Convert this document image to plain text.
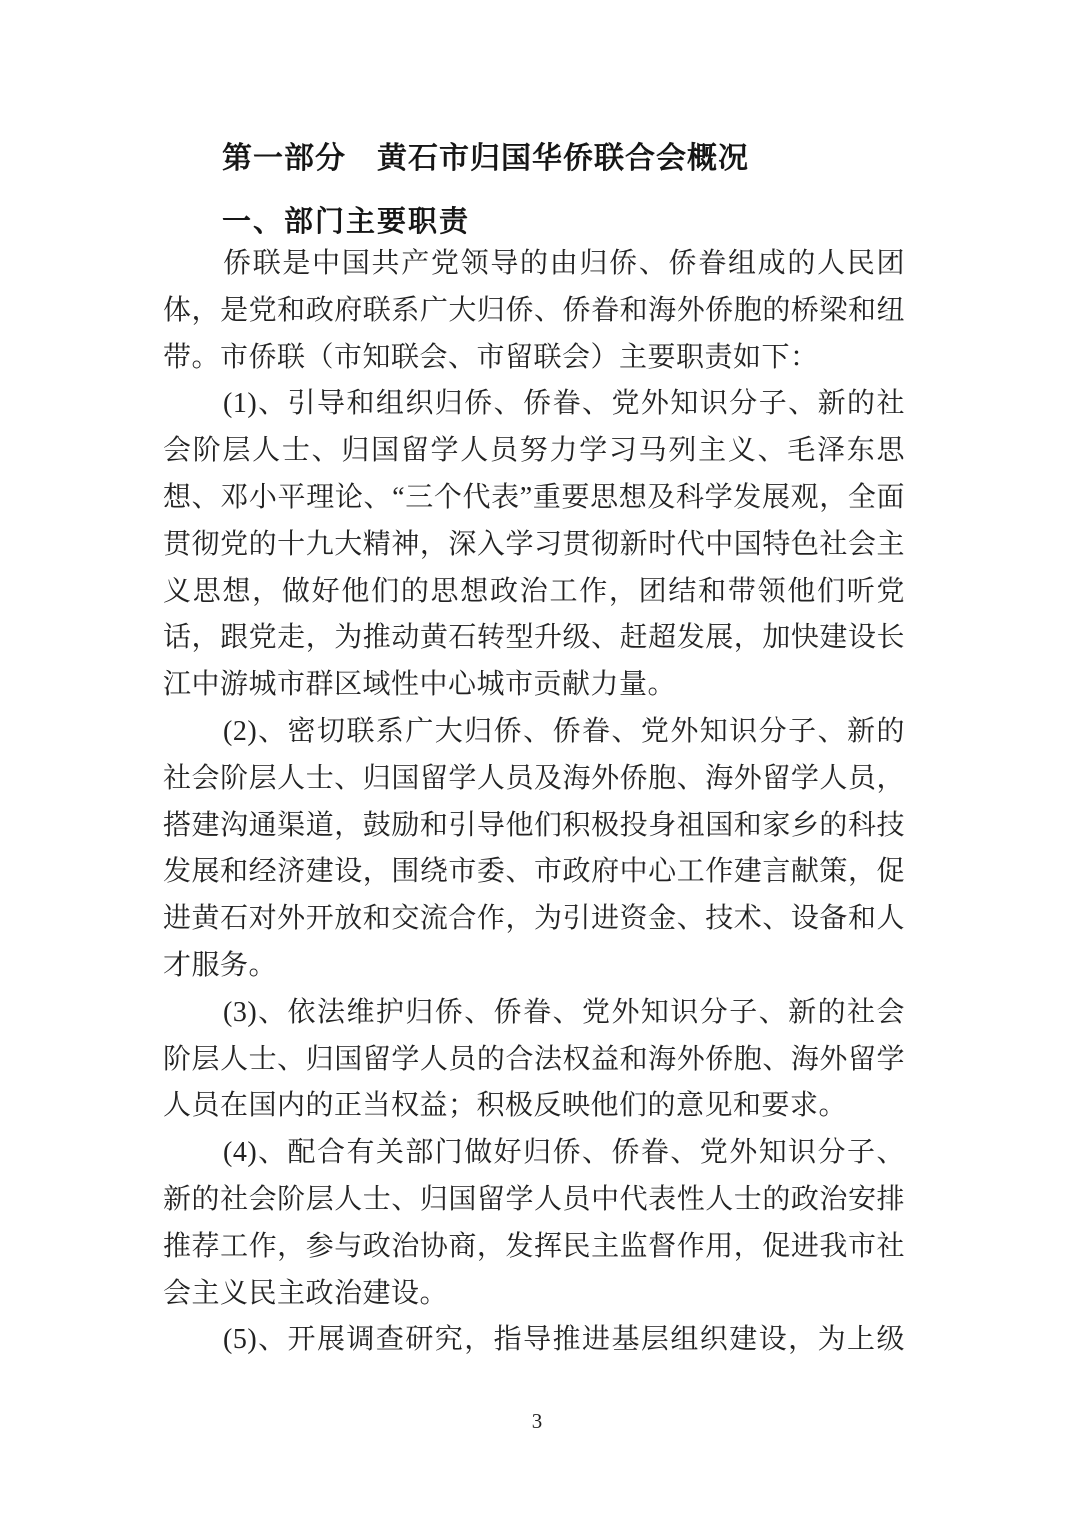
第一部分　黄石市归国华侨联合会概况
一、部门主要职责

侨联是中国共产党领导的由归侨、侨眷组成的人民团体，是党和政府联系广大归侨、侨眷和海外侨胞的桥梁和纽带。市侨联（市知联会、市留联会）主要职责如下：

(1)、引导和组织归侨、侨眷、党外知识分子、新的社会阶层人士、归国留学人员努力学习马列主义、毛泽东思想、邓小平理论、“三个代表”重要思想及科学发展观，全面贯彻党的十九大精神，深入学习贯彻新时代中国特色社会主义思想，做好他们的思想政治工作，团结和带领他们听党话，跟党走，为推动黄石转型升级、赶超发展，加快建设长江中游城市群区域性中心城市贡献力量。

(2)、密切联系广大归侨、侨眷、党外知识分子、新的社会阶层人士、归国留学人员及海外侨胞、海外留学人员，搭建沟通渠道，鼓励和引导他们积极投身祖国和家乡的科技发展和经济建设，围绕市委、市政府中心工作建言献策，促进黄石对外开放和交流合作，为引进资金、技术、设备和人才服务。

(3)、依法维护归侨、侨眷、党外知识分子、新的社会阶层人士、归国留学人员的合法权益和海外侨胞、海外留学人员在国内的正当权益；积极反映他们的意见和要求。

(4)、配合有关部门做好归侨、侨眷、党外知识分子、新的社会阶层人士、归国留学人员中代表性人士的政治安排推荐工作，参与政治协商，发挥民主监督作用，促进我市社会主义民主政治建设。

(5)、开展调查研究，指导推进基层组织建设，为上级

3
